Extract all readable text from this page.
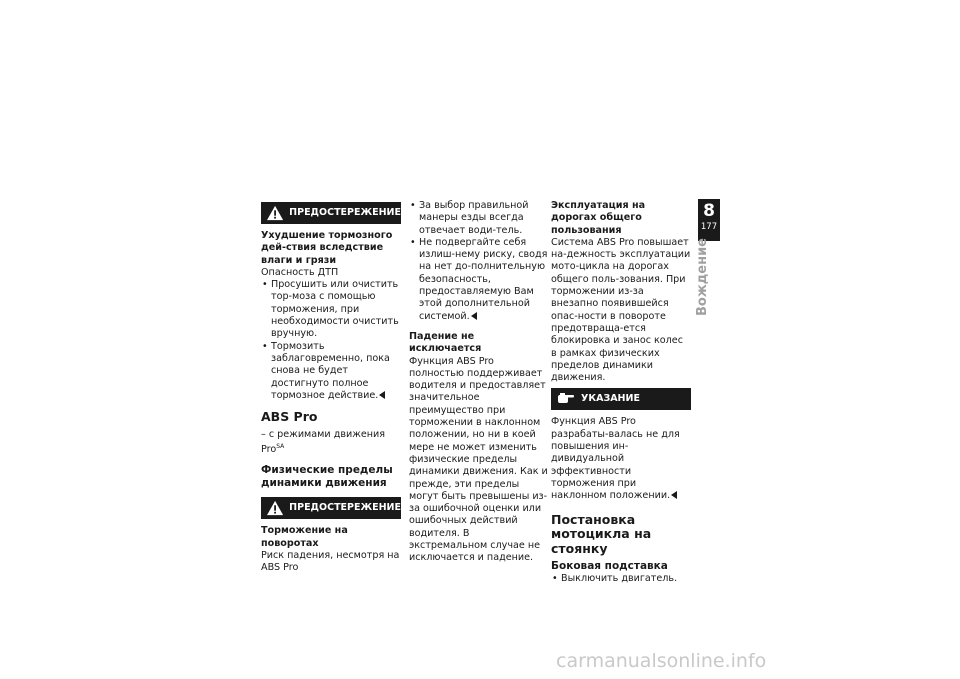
ПРЕДОСТЕРЕЖЕНИЕ
Ухудшение тормозного дей-ствия вследствие влаги и грязи

Опасность ДТП

• Просушить или очистить тор-моза с помощью торможения, при необходимости очистить вручную.
• Тормозить заблаговременно, пока снова не будет достигнуто полное тормозное действие.
ABS Pro

– с режимами движения Pro$^{SA}$

Физические пределы динамики движения
ПРЕДОСТЕРЕЖЕНИЕ
Торможение на поворотах

Риск падения, несмотря на ABS Pro

• За выбор правильной манеры езды всегда отвечает води-тель.
• Не подвергайте себя излиш-нему риску, сводя на нет до-полнительную безопасность, предоставляемую Вам этой дополнительной системой.
Падение не исключается

Функция ABS Pro полностью поддерживает водителя и предоставляет значительное преимущество при торможении в наклонном положении, но ни в коей мере не может изменить физические пределы динамики движения. Как и прежде, эти пределы могут быть превышены из-за ошибочной оценки или ошибочных действий водителя. В экстремальном случае не исключается и падение.

Эксплуатация на дорогах общего пользования

Система ABS Pro повышает на-дежность эксплуатации мото-цикла на дорогах общего поль-зования. При торможении из-за внезапно появившейся опас-ности в повороте предотвраща-ется блокировка и занос колес в рамках физических пределов динамики движения.

УКАЗАНИЕ

Функция ABS Pro разрабаты-валась не для повышения ин-дивидуальной эффективности торможения при наклонном положении.

Постановка мотоцикла на стоянку
Боковая подставка
• Выключить двигатель.
8
177
Вождение
carmanualsonline.info
